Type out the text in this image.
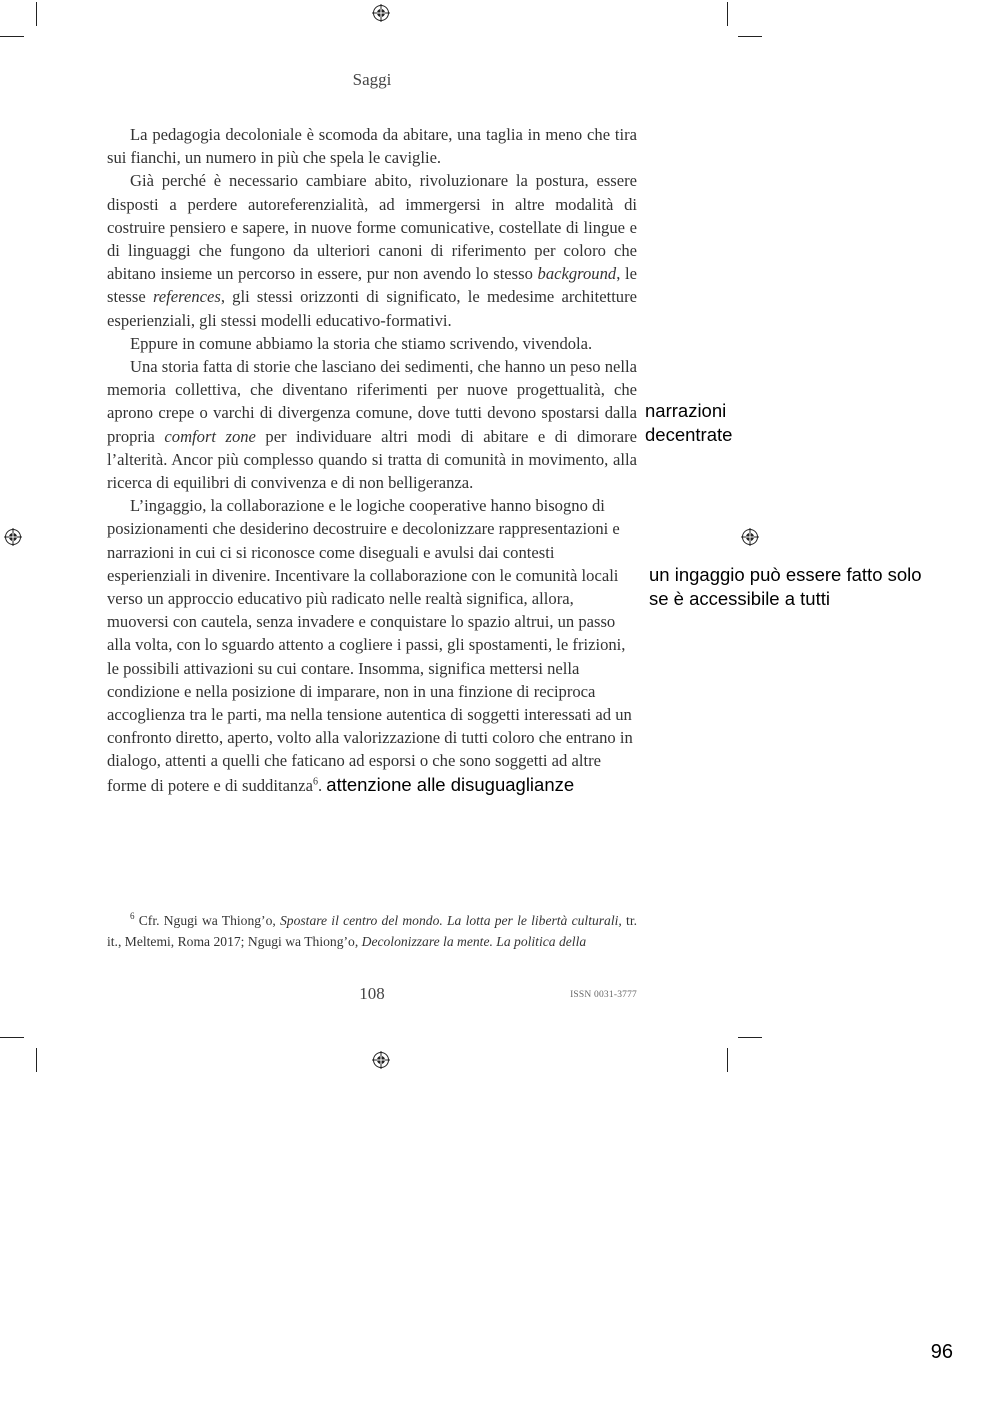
Saggi

La pedagogia decoloniale è scomoda da abitare, una taglia in meno che tira sui fianchi, un numero in più che spela le caviglie.

Già perché è necessario cambiare abito, rivoluzionare la postura, essere disposti a perdere autoreferenzialità, ad immergersi in altre modalità di costruire pensiero e sapere, in nuove forme comunicative, costellate di lingue e di linguaggi che fungono da ulteriori canoni di riferimento per coloro che abitano insieme un percorso in essere, pur non avendo lo stesso background, le stesse references, gli stessi orizzonti di significato, le medesime architetture esperienziali, gli stessi modelli educativo-formativi.

Eppure in comune abbiamo la storia che stiamo scrivendo, vivendola.

Una storia fatta di storie che lasciano dei sedimenti, che hanno un peso nella memoria collettiva, che diventano riferimenti per nuove progettualità, che aprono crepe o varchi di divergenza comune, dove tutti devono spostarsi dalla propria comfort zone per individuare altri modi di abitare e di dimorare l’alterità. Ancor più complesso quando si tratta di comunità in movimento, alla ricerca di equilibri di convivenza e di non belligeranza.

L’ingaggio, la collaborazione e le logiche cooperative hanno bisogno di posizionamenti che desiderino decostruire e decolonizzare rappresentazioni e narrazioni in cui ci si riconosce come diseguali e avulsi dai contesti esperienziali in divenire. Incentivare la collaborazione con le comunità locali verso un approccio educativo più radicato nelle realtà significa, allora, muoversi con cautela, senza invadere e conquistare lo spazio altrui, un passo alla volta, con lo sguardo attento a cogliere i passi, gli spostamenti, le frizioni, le possibili attivazioni su cui contare. Insomma, significa mettersi nella condizione e nella posizione di imparare, non in una finzione di reciproca accoglienza tra le parti, ma nella tensione autentica di soggetti interessati ad un confronto diretto, aperto, volto alla valorizzazione di tutti coloro che entrano in dialogo, attenti a quelli che faticano ad esporsi o che sono soggetti ad altre forme di potere e di sudditanza$^6$. attenzione alle disuguaglianze

narrazioni
decentrate
un ingaggio può essere fatto solo
se è accessibile a tutti
$^6$ Cfr. Ngugi wa Thiong’o, Spostare il centro del mondo. La lotta per le libertà culturali, tr. it., Meltemi, Roma 2017; Ngugi wa Thiong’o, Decolonizzare la mente. La politica della
108	ISSN 0031-3777
96
